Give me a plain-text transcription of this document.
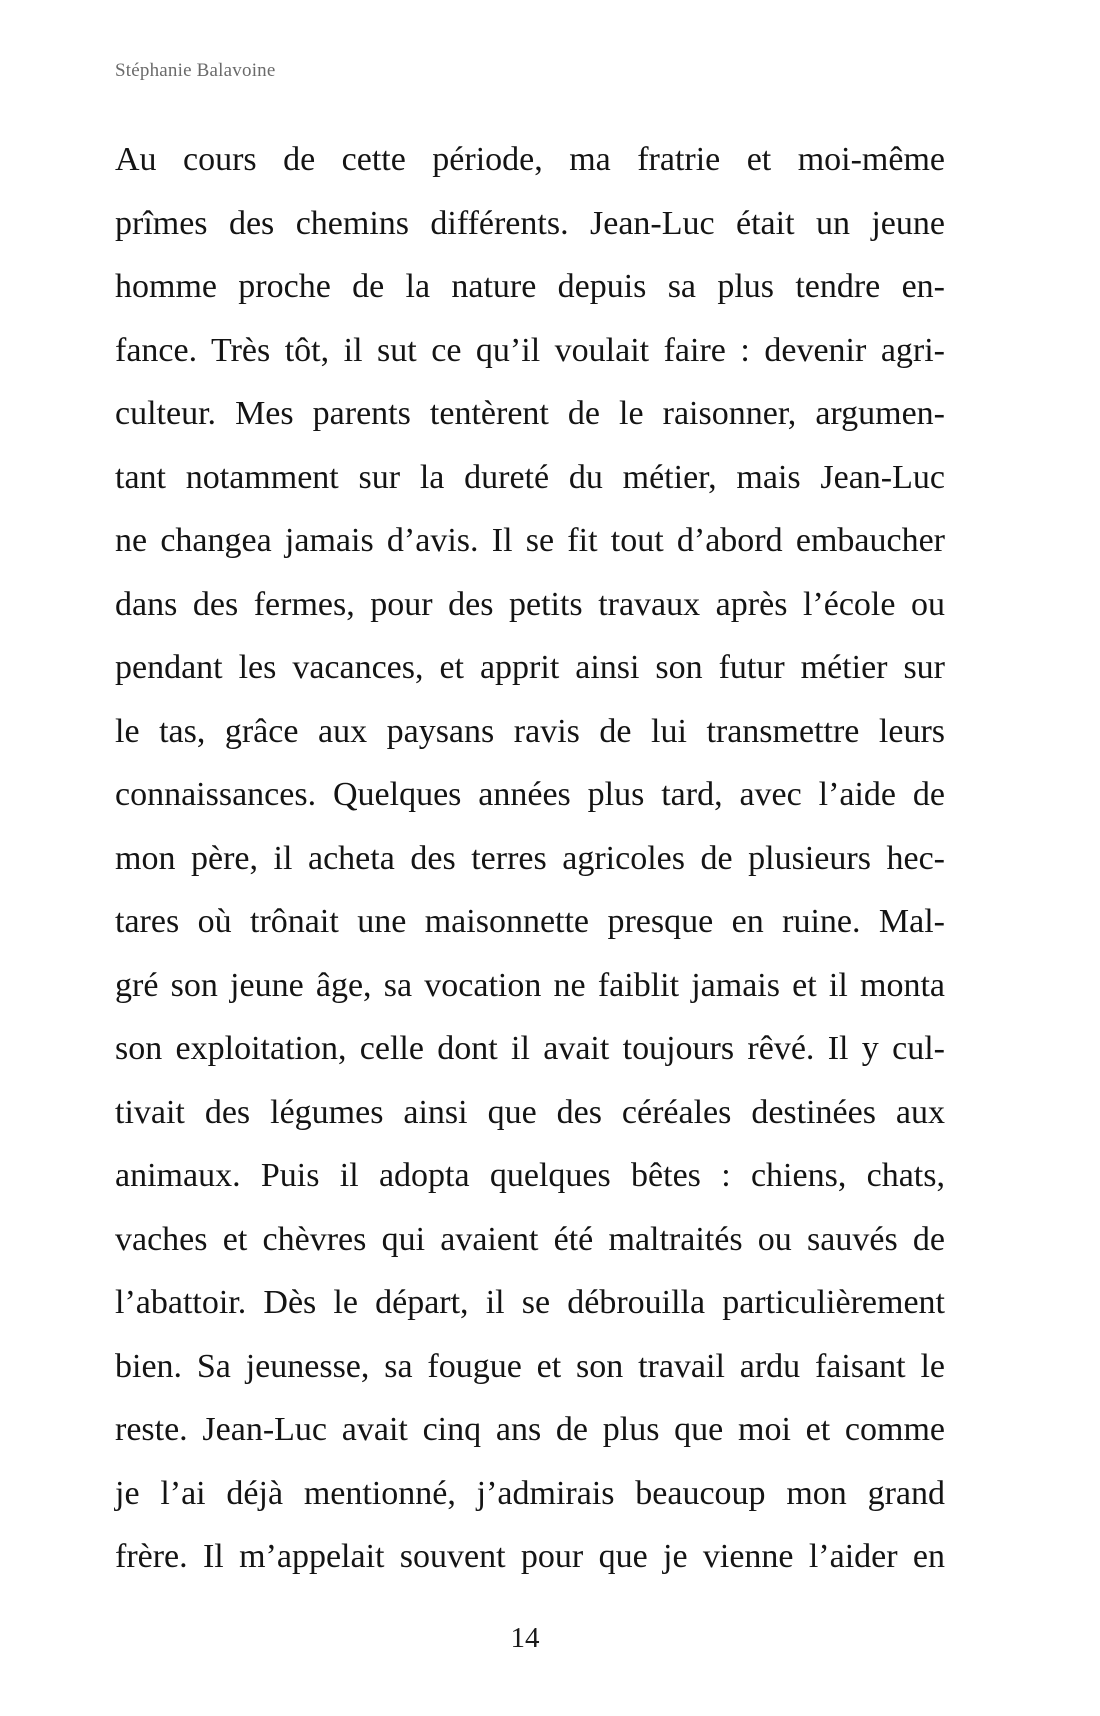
Stéphanie Balavoine
Au cours de cette période, ma fratrie et moi-même
prîmes des chemins différents. Jean-Luc était un jeune
homme proche de la nature depuis sa plus tendre en-
fance. Très tôt, il sut ce qu’il voulait faire : devenir agri-
culteur. Mes parents tentèrent de le raisonner, argumen-
tant notamment sur la dureté du métier, mais Jean-Luc
ne changea jamais d’avis. Il se fit tout d’abord embaucher
dans des fermes, pour des petits travaux après l’école ou
pendant les vacances, et apprit ainsi son futur métier sur
le tas, grâce aux paysans ravis de lui transmettre leurs
connaissances. Quelques années plus tard, avec l’aide de
mon père, il acheta des terres agricoles de plusieurs hec-
tares où trônait une maisonnette presque en ruine. Mal-
gré son jeune âge, sa vocation ne faiblit jamais et il monta
son exploitation, celle dont il avait toujours rêvé. Il y cul-
tivait des légumes ainsi que des céréales destinées aux
animaux. Puis il adopta quelques bêtes : chiens, chats,
vaches et chèvres qui avaient été maltraités ou sauvés de
l’abattoir. Dès le départ, il se débrouilla particulièrement
bien. Sa jeunesse, sa fougue et son travail ardu faisant le
reste. Jean-Luc avait cinq ans de plus que moi et comme
je l’ai déjà mentionné, j’admirais beaucoup mon grand
frère. Il m’appelait souvent pour que je vienne l’aider en
14
